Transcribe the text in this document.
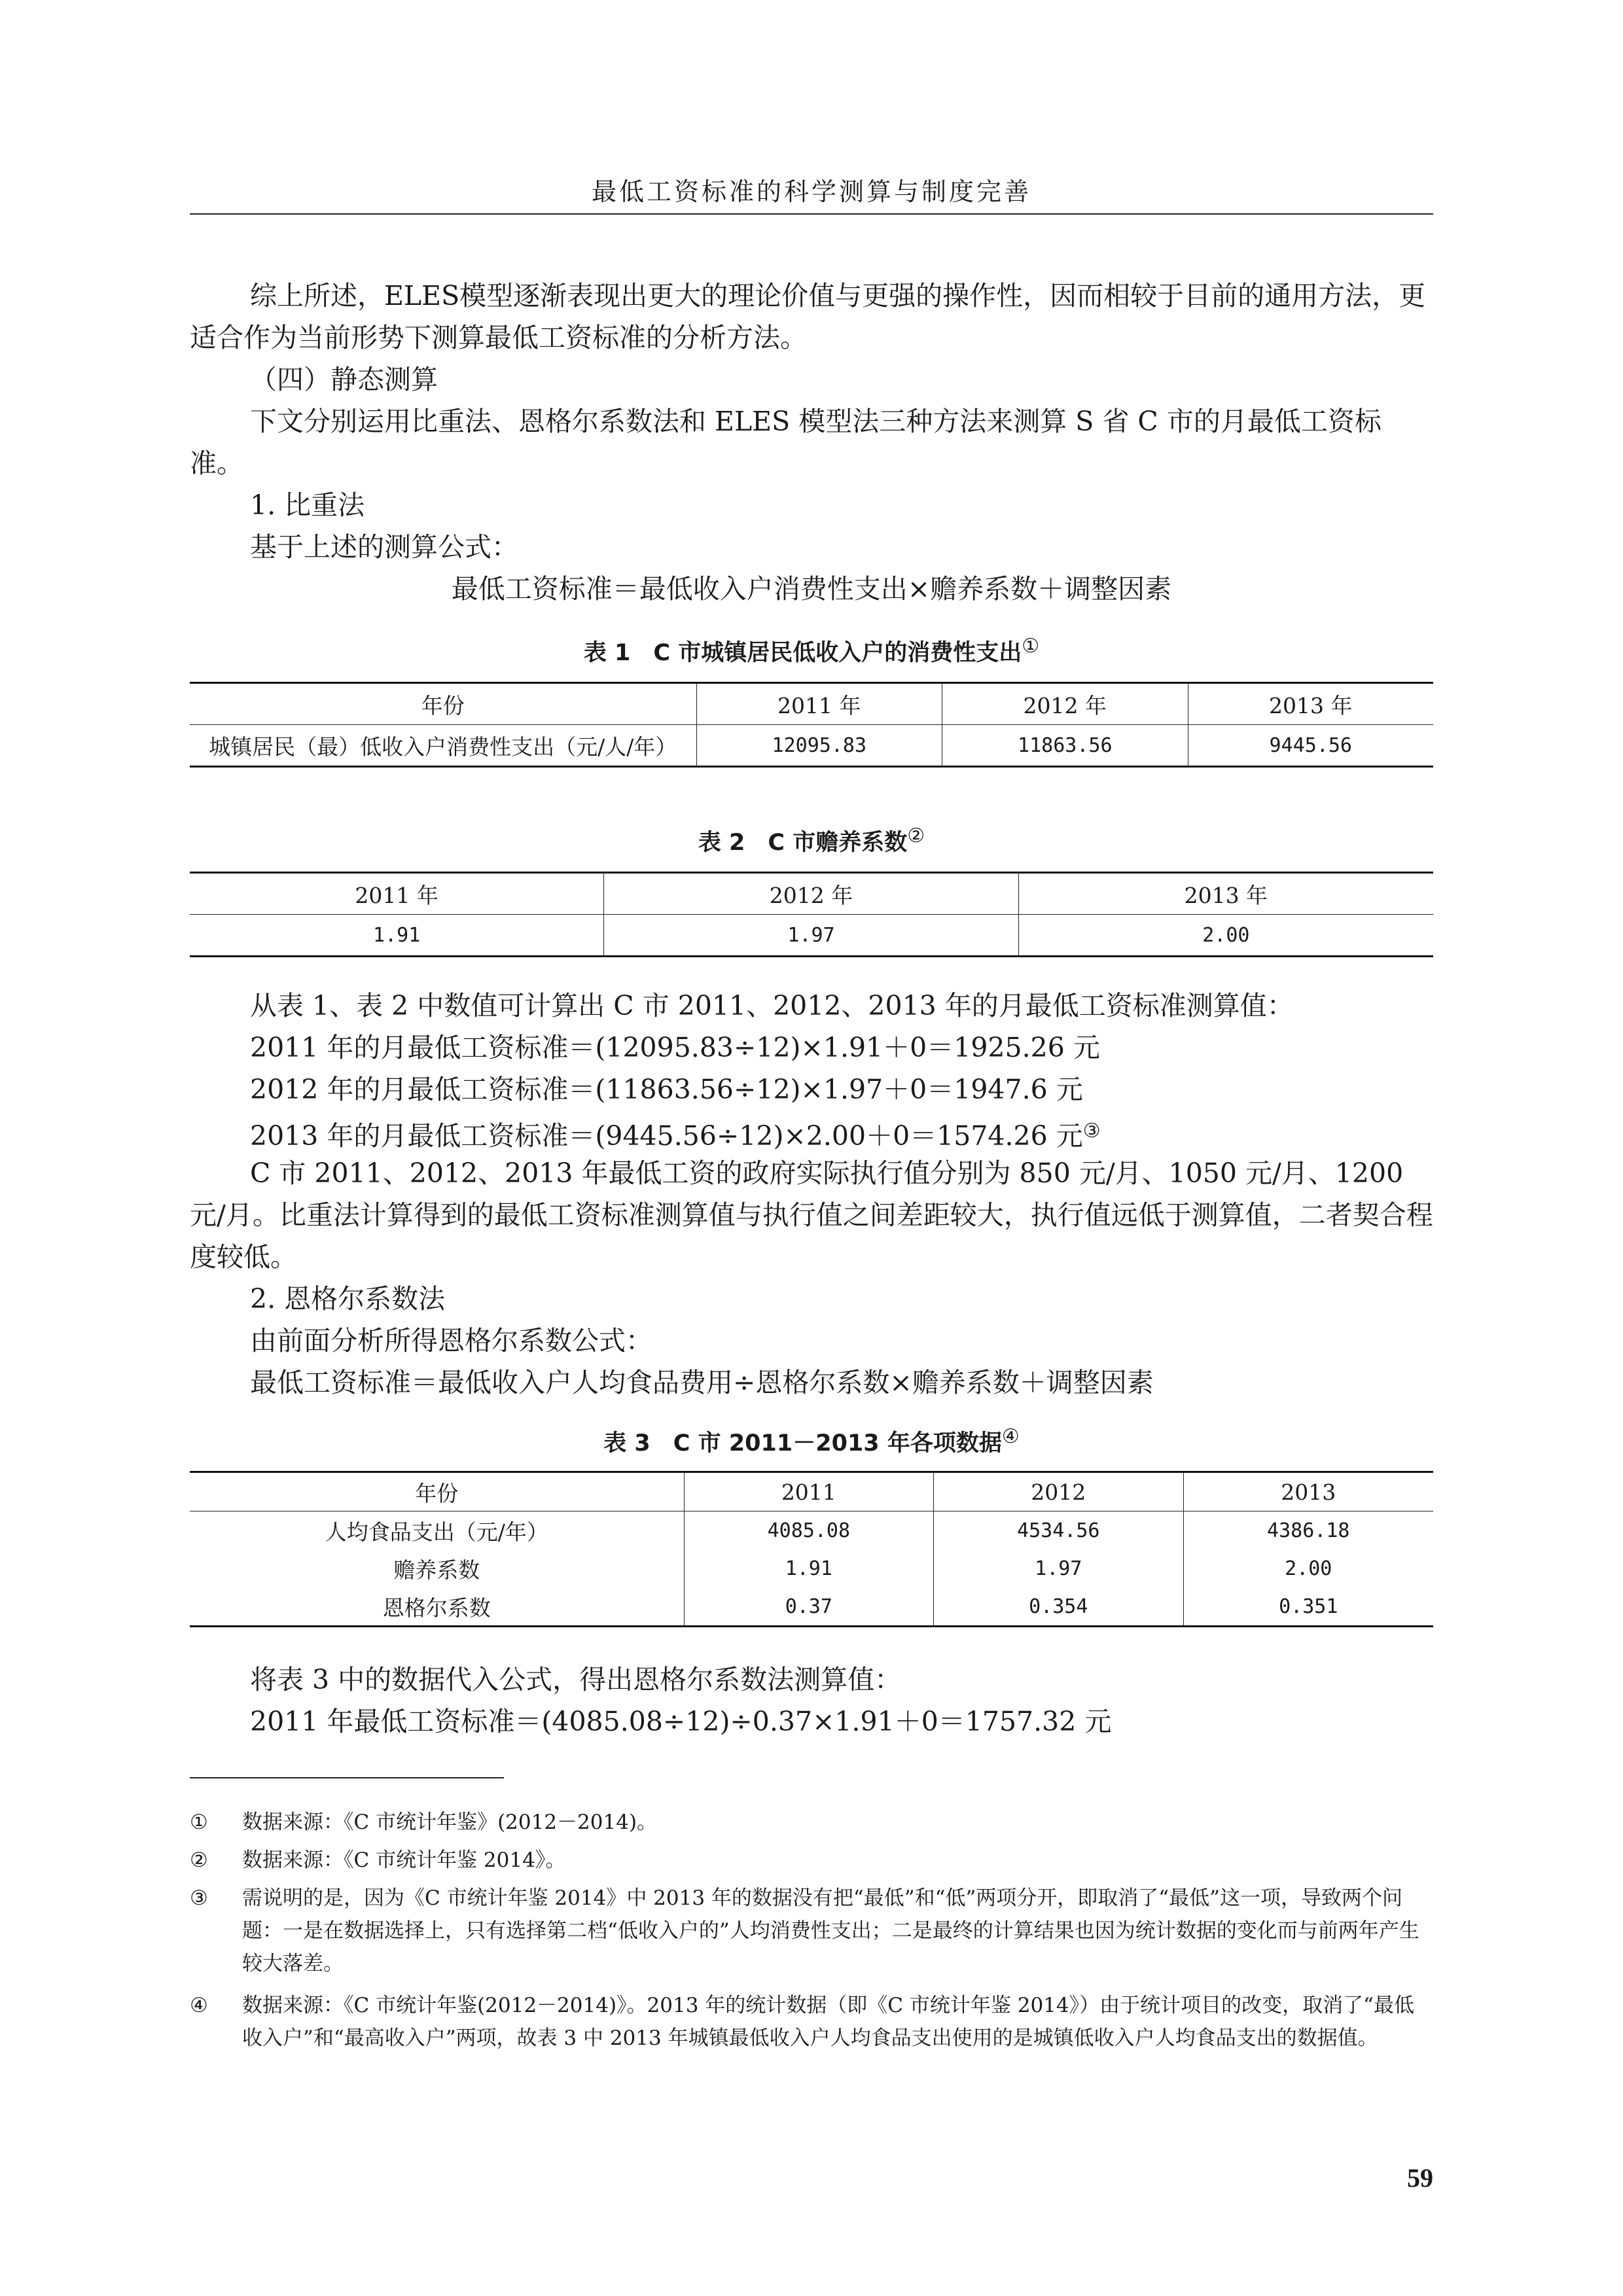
最低工资标准的科学测算与制度完善

综上所述，ELES模型逐渐表现出更大的理论价值与更强的操作性，因而相较于目前的通用方法，更适合作为当前形势下测算最低工资标准的分析方法。

（四）静态测算

下文分别运用比重法、恩格尔系数法和 ELES 模型法三种方法来测算 S 省 C 市的月最低工资标准。

1. 比重法

基于上述的测算公式：

最低工资标准＝最低收入户消费性支出×赡养系数＋调整因素

表 1　C 市城镇居民低收入户的消费性支出①
年份	2011 年	2012 年	2013 年
城镇居民（最）低收入户消费性支出（元/人/年）	12095.83	11863.56	9445.56
表 2　C 市赡养系数②
2011 年	2012 年	2013 年
1.91	1.97	2.00

从表 1、表 2 中数值可计算出 C 市 2011、2012、2013 年的月最低工资标准测算值：

2011 年的月最低工资标准＝(12095.83÷12)×1.91＋0＝1925.26 元

2012 年的月最低工资标准＝(11863.56÷12)×1.97＋0＝1947.6 元

2013 年的月最低工资标准＝(9445.56÷12)×2.00＋0＝1574.26 元③

C 市 2011、2012、2013 年最低工资的政府实际执行值分别为 850 元/月、1050 元/月、1200 元/月。比重法计算得到的最低工资标准测算值与执行值之间差距较大，执行值远低于测算值，二者契合程度较低。

2. 恩格尔系数法

由前面分析所得恩格尔系数公式：

最低工资标准＝最低收入户人均食品费用÷恩格尔系数×赡养系数＋调整因素

表 3　C 市 2011－2013 年各项数据④
年份	2011	2012	2013
人均食品支出（元/年）	4085.08	4534.56	4386.18
赡养系数	1.91	1.97	2.00
恩格尔系数	0.37	0.354	0.351

将表 3 中的数据代入公式，得出恩格尔系数法测算值：

2011 年最低工资标准＝(4085.08÷12)÷0.37×1.91＋0＝1757.32 元

① 数据来源：《C 市统计年鉴》(2012－2014)。
② 数据来源：《C 市统计年鉴 2014》。
③ 需说明的是，因为《C 市统计年鉴 2014》中 2013 年的数据没有把“最低”和“低”两项分开，即取消了“最低”这一项，导致两个问题：一是在数据选择上，只有选择第二档“低收入户的”人均消费性支出；二是最终的计算结果也因为统计数据的变化而与前两年产生较大落差。
④ 数据来源：《C 市统计年鉴(2012－2014)》。2013 年的统计数据（即《C 市统计年鉴 2014》）由于统计项目的改变，取消了“最低收入户”和“最高收入户”两项，故表 3 中 2013 年城镇最低收入户人均食品支出使用的是城镇低收入户人均食品支出的数据值。
59
